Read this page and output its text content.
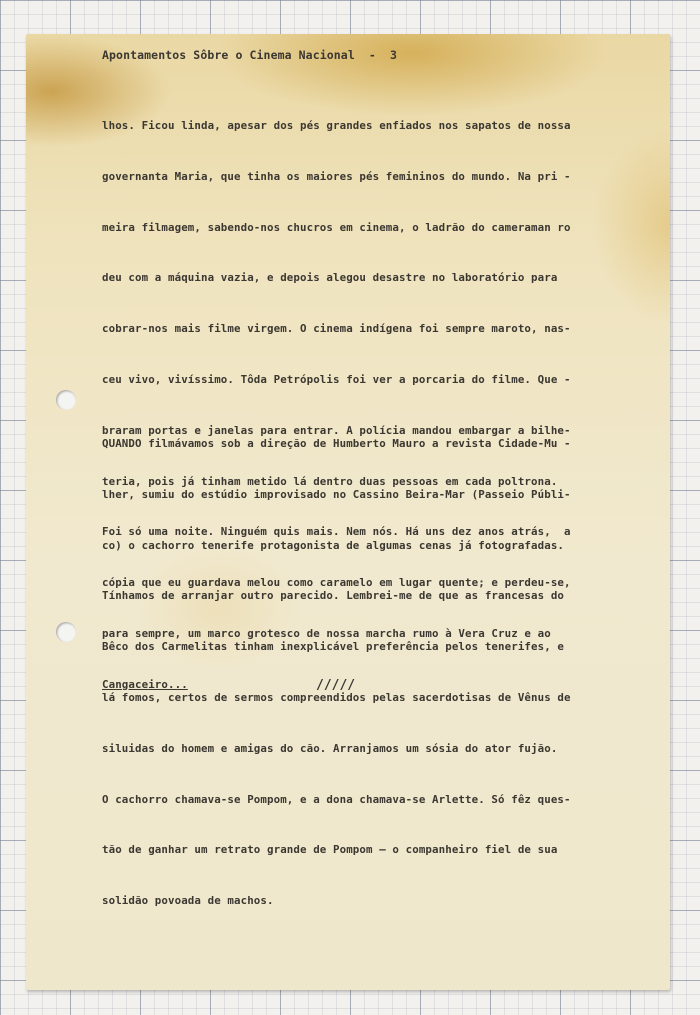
Apontamentos Sôbre o Cinema Nacional  -  3

lhos. Ficou linda, apesar dos pés grandes enfiados nos sapatos de nossa

governanta Maria, que tinha os maiores pés femininos do mundo. Na pri -

meira filmagem, sabendo-nos chucros em cinema, o ladrão do cameraman ro

deu com a máquina vazia, e depois alegou desastre no laboratório para

cobrar-nos mais filme virgem. O cinema indígena foi sempre maroto, nas-

ceu vivo, vivíssimo. Tôda Petrópolis foi ver a porcaria do filme. Que -

braram portas e janelas para entrar. A polícia mandou embargar a bilhe-

teria, pois já tinham metido lá dentro duas pessoas em cada poltrona.

Foi só uma noite. Ninguém quis mais. Nem nós. Há uns dez anos atrás,  a

cópia que eu guardava melou como caramelo em lugar quente; e perdeu-se,

para sempre, um marco grotesco de nossa marcha rumo à Vera Cruz e ao

Cangaceiro...

QUANDO filmávamos sob a direção de Humberto Mauro a revista Cidade-Mu -

lher, sumiu do estúdio improvisado no Cassino Beira-Mar (Passeio Públi-

co) o cachorro tenerife protagonista de algumas cenas já fotografadas.

Tínhamos de arranjar outro parecido. Lembrei-me de que as francesas do

Bêco dos Carmelitas tinham inexplicável preferência pelos tenerifes, e

lá fomos, certos de sermos compreendidos pelas sacerdotisas de Vênus de

siluidas do homem e amigas do cão. Arranjamos um sósia do ator fujão.

O cachorro chamava-se Pompom, e a dona chamava-se Arlette. Só fêz ques-

tão de ganhar um retrato grande de Pompom — o companheiro fiel de sua

solidão povoada de machos.

/////
